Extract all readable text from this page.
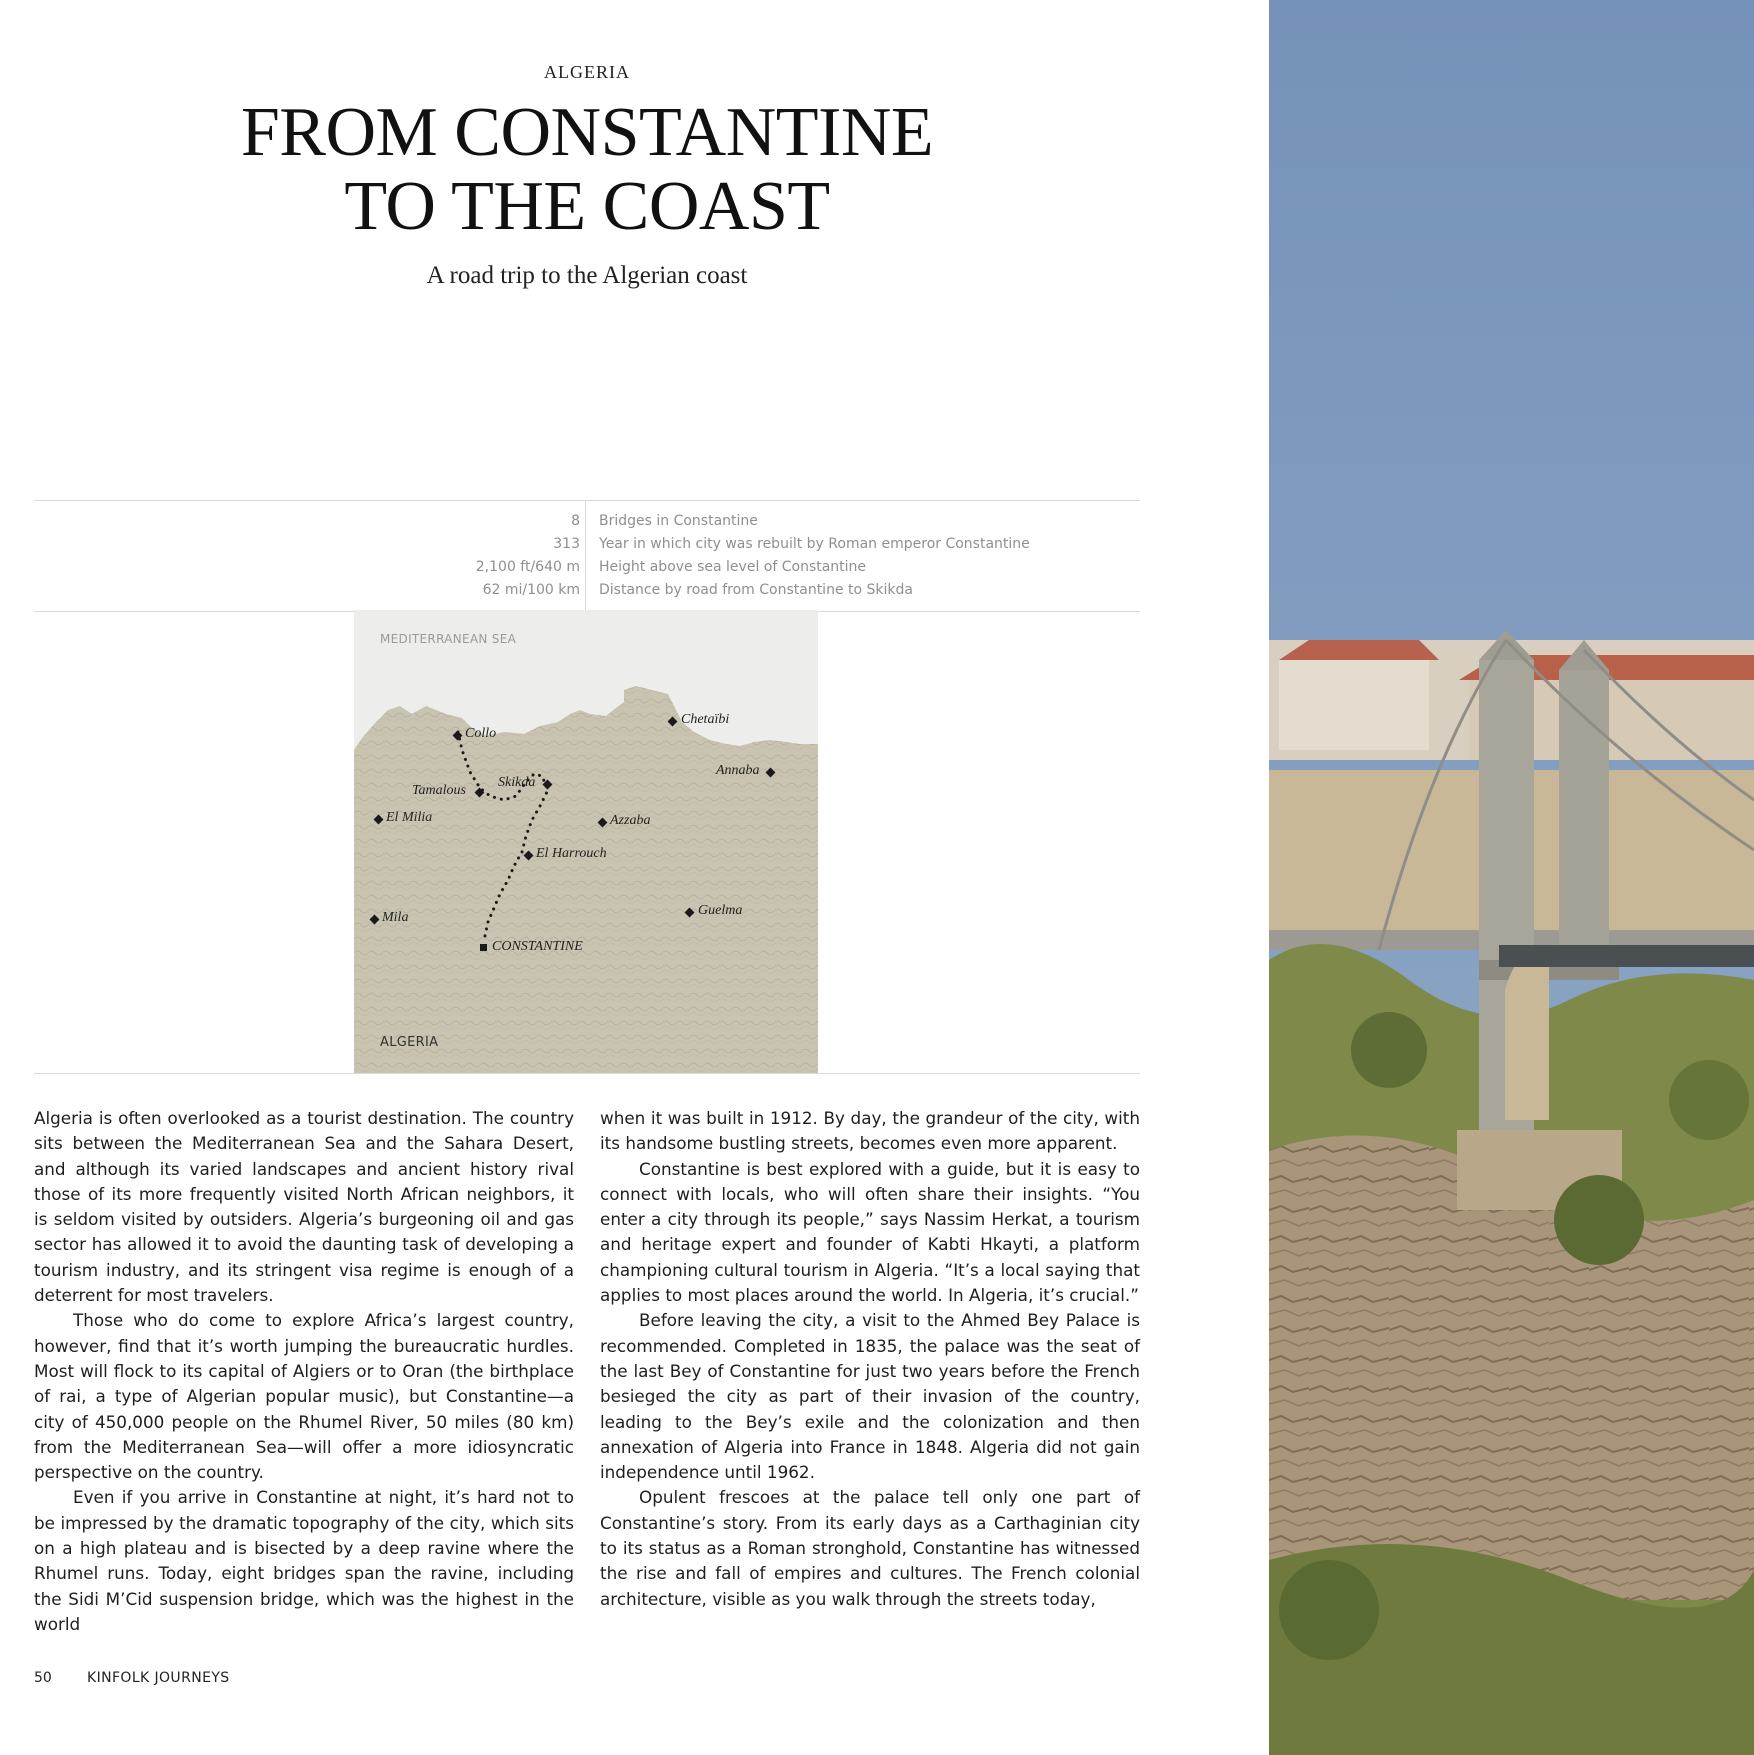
ALGERIA
FROM CONSTANTINE
TO THE COAST
A road trip to the Algerian coast
8 Bridges in Constantine
313 Year in which city was rebuilt by Roman emperor Constantine
2,100 ft/640 m Height above sea level of Constantine
62 mi/100 km Distance by road from Constantine to Skikda
MEDITERRANEAN SEA
Collo
Chetaïbi
Annaba
Skikda
Tamalous
El Milia	Azzaba
El Harrouch
Mila	Guelma
CONSTANTINE
ALGERIA

Algeria is often overlooked as a tourist destination. The country sits between the Mediterranean Sea and the Sahara Desert, and although its varied landscapes and ancient history rival those of its more frequently visited North African neighbors, it is seldom visited by outsiders. Algeria’s burgeoning oil and gas sector has allowed it to avoid the daunting task of developing a tourism industry, and its stringent visa regime is enough of a deterrent for most travelers.

Those who do come to explore Africa’s largest country, however, find that it’s worth jumping the bureaucratic hurdles. Most will flock to its capital of Algiers or to Oran (the birthplace of rai, a type of Algerian popular music), but Constantine—a city of 450,000 people on the Rhumel River, 50 miles (80 km) from the Mediterranean Sea—will offer a more idiosyncratic perspective on the country.

Even if you arrive in Constantine at night, it’s hard not to be impressed by the dramatic topography of the city, which sits on a high plateau and is bisected by a deep ravine where the Rhumel runs. Today, eight bridges span the ravine, including the Sidi M’Cid suspension bridge, which was the highest in the world

when it was built in 1912. By day, the grandeur of the city, with its handsome bustling streets, becomes even more apparent.

Constantine is best explored with a guide, but it is easy to connect with locals, who will often share their insights. “You enter a city through its people,” says Nassim Herkat, a tourism and heritage expert and founder of Kabti Hkayti, a platform championing cultural tourism in Algeria. “It’s a local saying that applies to most places around the world. In Algeria, it’s crucial.”

Before leaving the city, a visit to the Ahmed Bey Palace is recommended. Completed in 1835, the palace was the seat of the last Bey of Constantine for just two years before the French besieged the city as part of their invasion of the country, leading to the Bey’s exile and the colonization and then annexation of Algeria into France in 1848. Algeria did not gain independence until 1962.

Opulent frescoes at the palace tell only one part of Constantine’s story. From its early days as a Carthaginian city to its status as a Roman stronghold, Constantine has witnessed the rise and fall of empires and cultures. The French colonial architecture, visible as you walk through the streets today,

50	KINFOLK JOURNEYS
